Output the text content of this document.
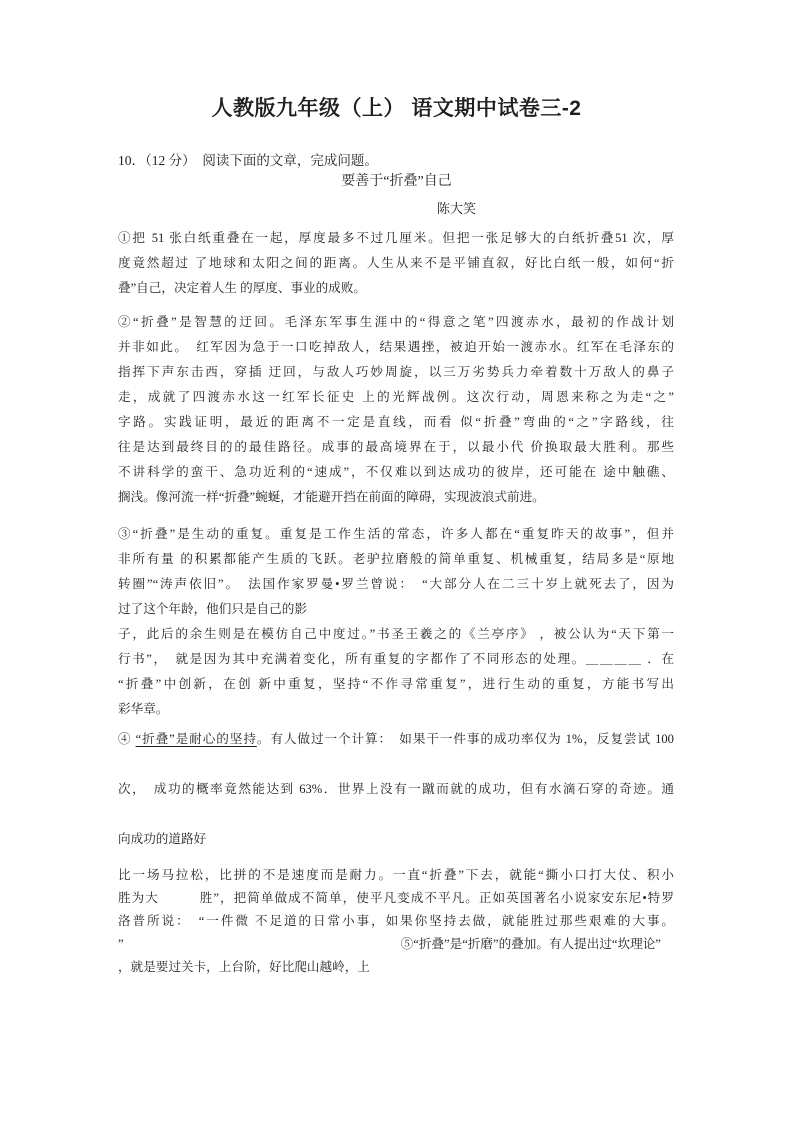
人教版九年级（上） 语文期中试卷三-2
10．（12 分）　阅读下面的文章，完成问题。
要善于“折叠”自己
陈大笑
①把 51 张白纸重叠在一起，厚度最多不过几厘米。但把一张足够大的白纸折叠51 次，厚
度竟然超过 了地球和太阳之间的距离。人生从来不是平铺直叙，好比白纸一般，如何“折
叠”自己，决定着人生 的厚度、事业的成败。
②“折叠”是智慧的迂回。毛泽东军事生涯中的“得意之笔”四渡赤水，最初的作战计划
并非如此。　红军因为急于一口吃掉敌人，结果遇挫，被迫开始一渡赤水。红军在毛泽东的
指挥下声东击西，穿插 迂回，与敌人巧妙周旋，以三万劣势兵力牵着数十万敌人的鼻子
走，成就了四渡赤水这一红军长征史 上的光辉战例。这次行动，周恩来称之为走“之”
字路。实践证明，最近的距离不一定是直线，而看 似“折叠”弯曲的“之”字路线，往
往是达到最终目的的最佳路径。成事的最高境界在于，以最小代 价换取最大胜利。那些
不讲科学的蛮干、急功近利的“速成”，不仅难以到达成功的彼岸，还可能在 途中触礁、
搁浅。像河流一样“折叠”蜿蜒，才能避开挡在前面的障碍，实现波浪式前进。
③“折叠”是生动的重复。重复是工作生活的常态，许多人都在“重复昨天的故事”，但并
非所有量 的积累都能产生质的飞跃。老驴拉磨般的简单重复、机械重复，结局多是“原地
转圈”“涛声依旧”。　法国作家罗曼•罗兰曾说：　“大部分人在二三十岁上就死去了，因为
过了这个年龄，他们只是自己的影
子，此后的余生则是在模仿自己中度过。”书圣王羲之的《兰亭序》 ，被公认为“天下第一
行书”，　就是因为其中充满着变化，所有重复的字都作了不同形态的处理。＿＿＿＿ ．在
“折叠”中创新，在创 新中重复，坚持“不作寻常重复”，进行生动的重复，方能书写出
彩华章。
④ “折叠”是耐心的坚持。有人做过一个计算：　如果干一件事的成功率仅为 1%，反复尝试 100
次，　成功的概率竟然能达到 63%．世界上没有一蹴而就的成功，但有水滴石穿的奇迹。通
向成功的道路好
比一场马拉松，比拼的不是速度而是耐力。一直“折叠”下去，就能“撕小口打大仗、积小
胜为大　　　胜”，把简单做成不简单，使平凡变成不平凡。正如英国著名小说家安东尼•特罗
洛普所说：　“一件微 不足道的日常小事，如果你坚持去做，就能胜过那些艰难的大事。
”　　　　　　　　　　　　　　　　　　　　　　⑤“折叠”是“折磨”的叠加。有人提出过“坎理论”
，就是要过关卡，上台阶，好比爬山越岭，上
